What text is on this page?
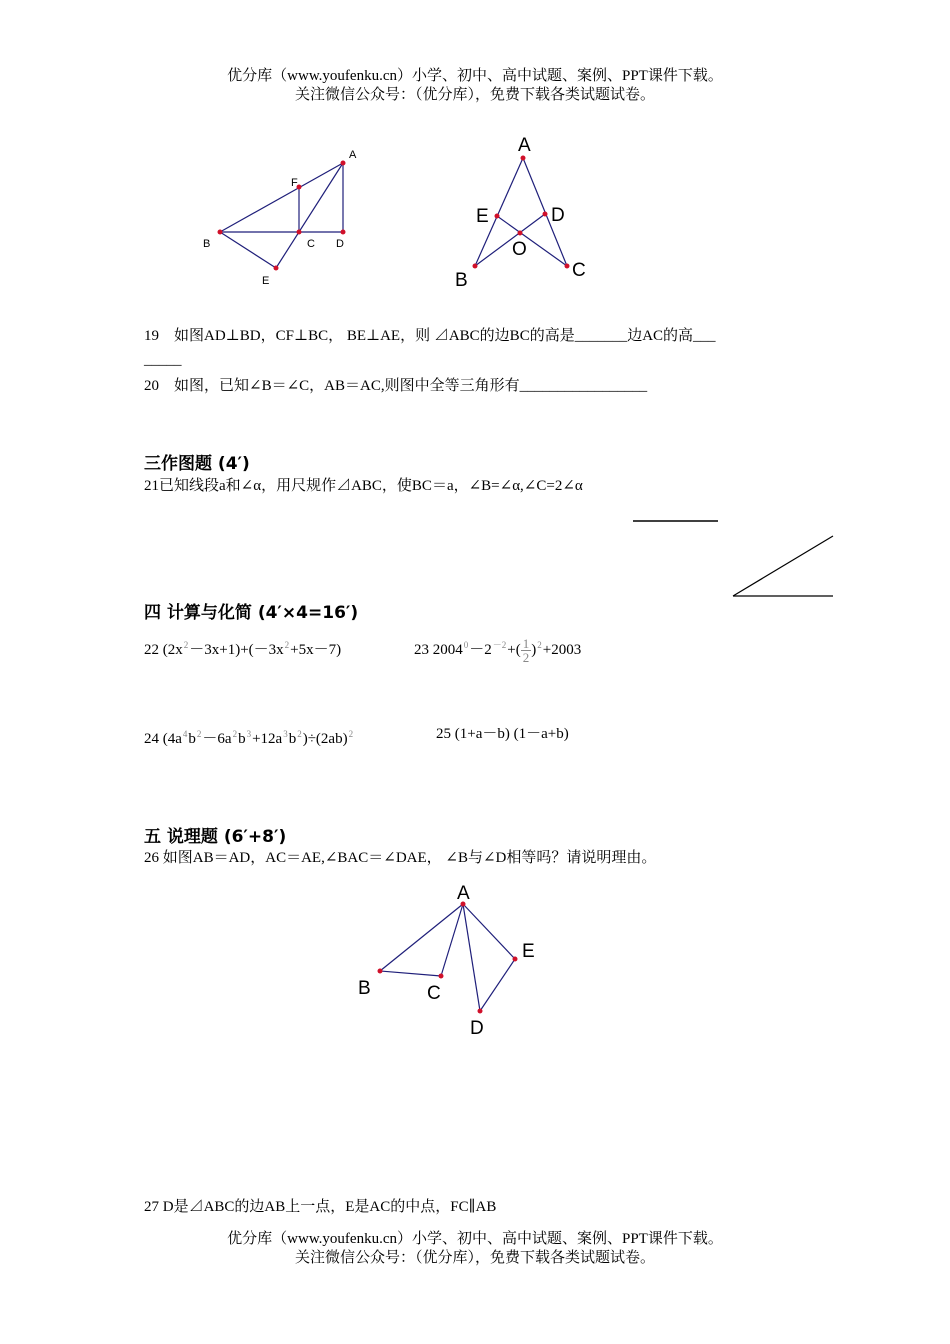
优分库（www.youfenku.cn）小学、初中、高中试题、案例、PPT课件下载。
关注微信公众号：（优分库），免费下载各类试题试卷。
A
F
B	C D
E
A
E	D
O
B	C
19　如图AD⊥BD，CF⊥BC， BE⊥AE，则 ⊿ABC的边BC的高是_______边AC的高___
_____
20　如图，已知∠B＝∠C，AB＝AC,则图中全等三角形有_________________
三作图题 (4′)
21已知线段a和∠α，用尺规作⊿ABC，使BC＝a，∠B=∠α,∠C=2∠α
四 计算与化简 (4′×4=16′)
22 $(2x^2-3x+1)+(-3x^2+5x-7)$	23 $2004^0-2^{-2}+( \frac{1}{2} )^2+2003$
24 $(4a^4b^2-6a^2b^3+12a^3b^2)\div(2ab)^2$	25 (1+a－b) (1－a+b)
五 说理题 (6′+8′)
26 如图AB＝AD，AC＝AE,∠BAC＝∠DAE， ∠B与∠D相等吗？请说明理由。
A
E
B	C
D
27 D是⊿ABC的边AB上一点，E是AC的中点，FC∥AB
优分库（www.youfenku.cn）小学、初中、高中试题、案例、PPT课件下载。
关注微信公众号：（优分库），免费下载各类试题试卷。
